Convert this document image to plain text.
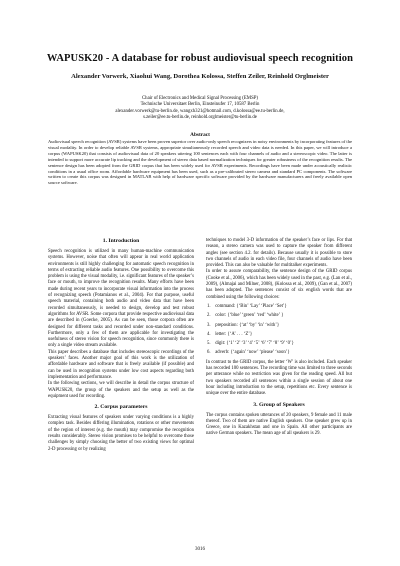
WAPUSK20 - A database for robust audiovisual speech recognition
Alexander Vorwerk, Xiaohui Wang, Dorothea Kolossa, Steffen Zeiler, Reinhold Orglmeister
Chair of Electronics and Medical Signal Processing (EMSP)
Technische Universitaet Berlin, Einsteinufer 17, 10587 Berlin
alexander.vorwerk@tu-berlin.de, wangxh321@hotmail.com, d.kolossa@ee.tu-berlin.de,
s.zeiler@ee.tu-berlin.de, reinhold.orglmeister@tu-berlin.de
Abstract
Audiovisual speech recognition (AVSR) systems have been proven superior over audio-only speech recognizers in noisy environments by incorporating features of the visual modality. In order to develop reliable AVSR systems, appropriate simultaneously recorded speech and video data is needed. In this paper, we will introduce a corpus (WAPUSK20) that consists of audiovisual data of 20 speakers uttering 100 sentences each with four channels of audio and a stereoscopic video. The latter is intended to support more accurate lip tracking and the development of stereo data based normalization techniques for greater robustness of the recognition results. The sentence design has been adopted from the GRID corpus that has been widely used for AVSR experiments. Recordings have been made under acoustically realistic conditions in a usual office room. Affordable hardware equipment has been used, such as a pre-calibrated stereo camera and standard PC components. The software written to create this corpus was designed in MATLAB with help of hardware specific software provided by the hardware manufacturers and freely available open source software.
1. Introduction

Speech recognition is utilized in many human-machine communication systems. However, noise that often will appear in real world application environments is still highly challenging for automatic speech recognition in terms of extracting reliable audio features. One possibility to overcome this problem is using the visual modality, i.e. significant features of the speaker’s face or mouth, to improve the recognition results. Many efforts have been made during recent years to incorporate visual information into the process of recognizing speech (Potamianos et al., 2004). For that purpose, useful speech material, containing both audio and video data that have been recorded simultaneously, is needed to design, develop and test robust algorithms for AVSR. Some corpora that provide respective audiovisual data are described in (Goecke, 2005). As can be seen, those corpora often are designed for different tasks and recorded under non-standard conditions. Furthermore, only a few of them are applicable for investigating the usefulness of stereo vision for speech recognition, since commonly there is only a single video stream available.

This paper describes a database that includes stereoscopic recordings of the speakers’ faces. Another major goal of this work is the utilization of affordable hardware and software that is freely available (if possible) and can be used in recognition systems under low cost aspects regarding both implementation and performance.

In the following sections, we will describe in detail the corpus structure of WAPUSK20, the group of the speakers and the setup as well as the equipment used for recording.

2. Corpus parameters

Extracting visual features of speakers under varying conditions is a highly complex task. Besides differing illumination, rotations or other movements of the region of interest (e.g. the mouth) may compromise the recognition results considerably. Stereo vision promises to be helpful to overcome those challenges by simply choosing the better of two existing views for optimal 2-D processing or by realizing

techniques to model 3-D information of the speaker’s face or lips. For that reason, a stereo camera was used to capture the speaker from different angles (see section 4.2. for details). Because usually it is possible to store two channels of audio in each video file, four channels of audio have been provided. This can also be valuable for multitalker experiments.

In order to assure comparability, the sentence design of the GRID corpus (Cooke et al., 2006), which has been widely used in the past, e.g. (Lan et al., 2009), (Almajai and Milner, 2008), (Kolossa et al., 2009), (Gan et al., 2007) has been adopted. The sentences consist of six english words that are combined using the following choices:

1. command: {‘Bin’ ‘Lay’ ‘Place’ ‘Set’}
2. color: {‘blue’ ‘green’ ‘red’ ‘white’ }
3. preposition: {‘at’ ‘by’ ‘in’ ‘with’}
4. letter: {‘A’ . . . ‘Z’}
5. digit: {‘1’ ‘2’ ‘3’ ‘4’ ‘5’ ‘6’ ‘7’ ‘8’ ‘9’ ‘0’}
6. adverb: {‘again’ ‘now’ ‘please’ ‘soon’}

In contrast to the GRID corpus, the letter ‘W’ is also included. Each speaker has recorded 100 sentences. The recording time was limited to three seconds per utterance while no restriction was given for the reading speed. All but two speakers recorded all sentences within a single session of about one hour including introduction to the setup, repetitions etc. Every sentence is unique over the entire database.

3. Group of Speakers

The corpus contains spoken utterances of 20 speakers, 9 female and 11 male thereof. Two of them are native English speakers. One speaker grew up in Greece, one in Kazakhstan and one in Spain. All other participants are native German speakers. The mean age of all speakers is 29.

3016
